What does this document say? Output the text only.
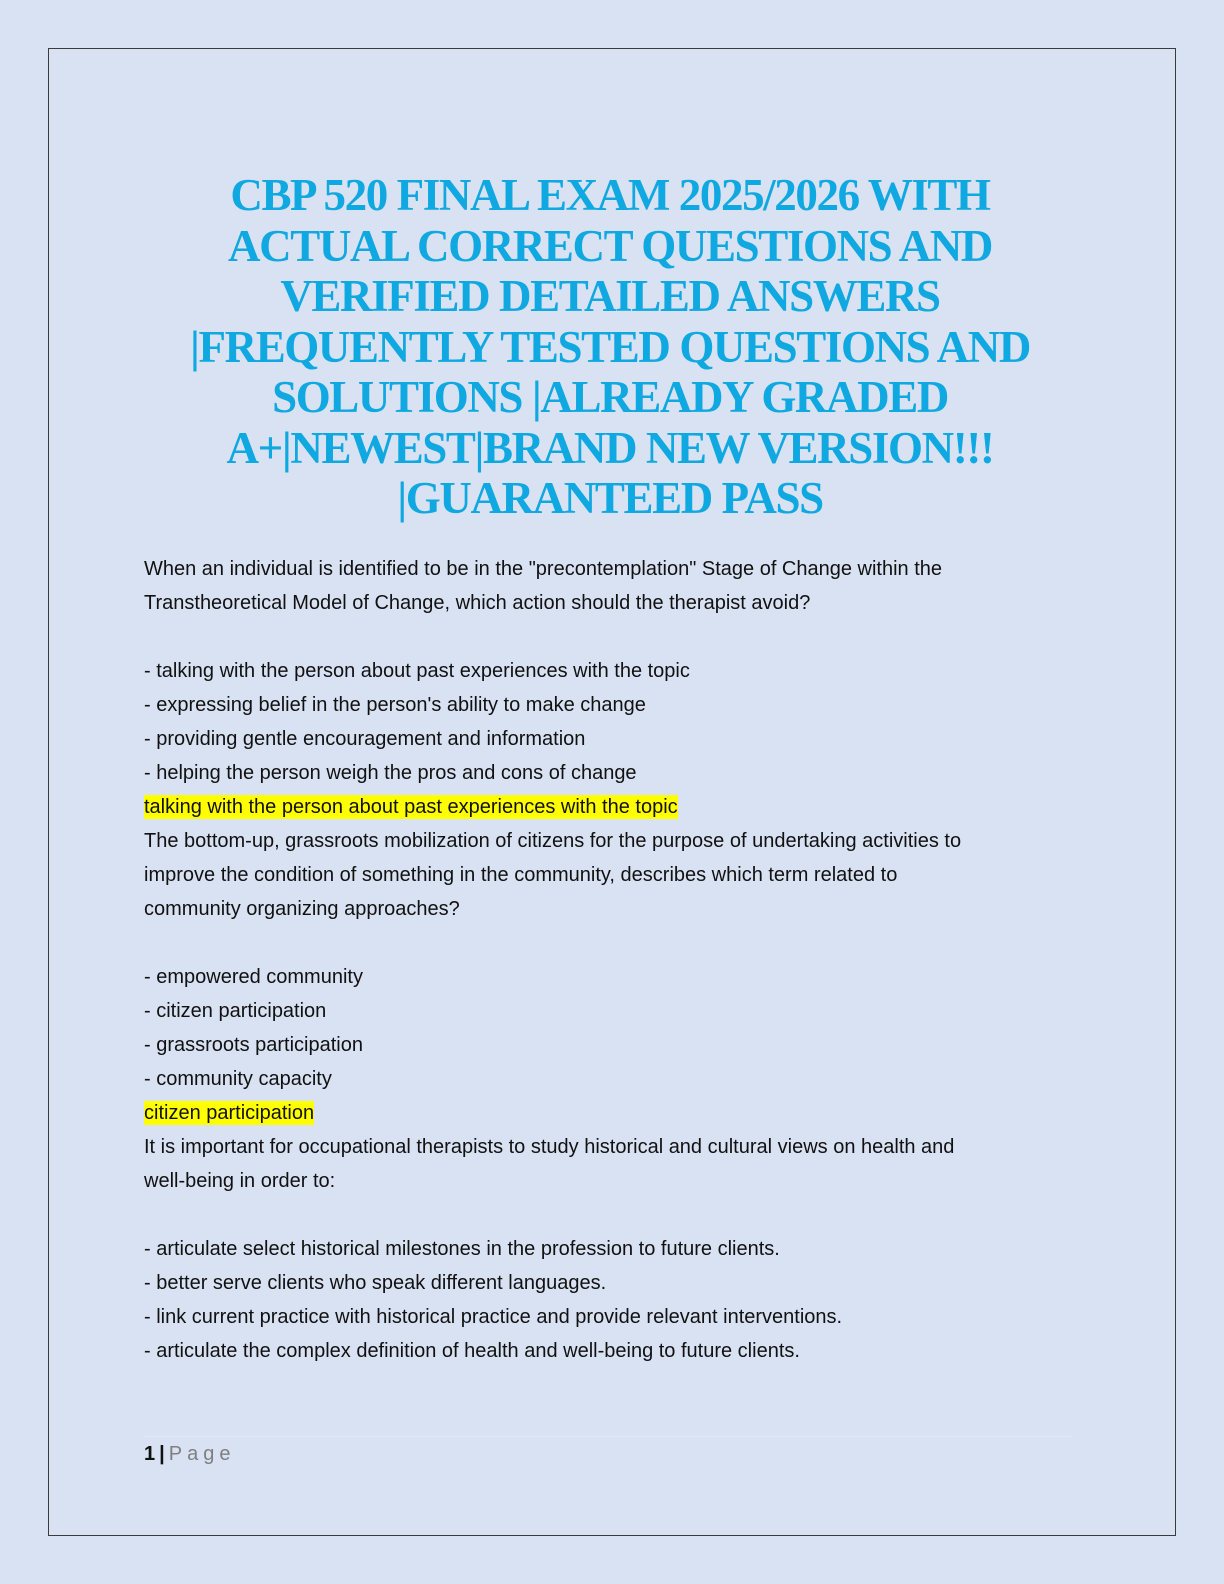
CBP 520 FINAL EXAM 2025/2026 WITH
ACTUAL CORRECT QUESTIONS AND
VERIFIED DETAILED ANSWERS
|FREQUENTLY TESTED QUESTIONS AND
SOLUTIONS |ALREADY GRADED
A+|NEWEST|BRAND NEW VERSION!!!
|GUARANTEED PASS

When an individual is identified to be in the "precontemplation" Stage of Change within the
Transtheoretical Model of Change, which action should the therapist avoid?
- talking with the person about past experiences with the topic
- expressing belief in the person's ability to make change
- providing gentle encouragement and information
- helping the person weigh the pros and cons of change

talking with the person about past experiences with the topic

The bottom-up, grassroots mobilization of citizens for the purpose of undertaking activities to
improve the condition of something in the community, describes which term related to
community organizing approaches?
- empowered community
- citizen participation
- grassroots participation
- community capacity

citizen participation

It is important for occupational therapists to study historical and cultural views on health and
well-being in order to:
- articulate select historical milestones in the profession to future clients.
- better serve clients who speak different languages.
- link current practice with historical practice and provide relevant interventions.
- articulate the complex definition of health and well-being to future clients.

1 | Page
